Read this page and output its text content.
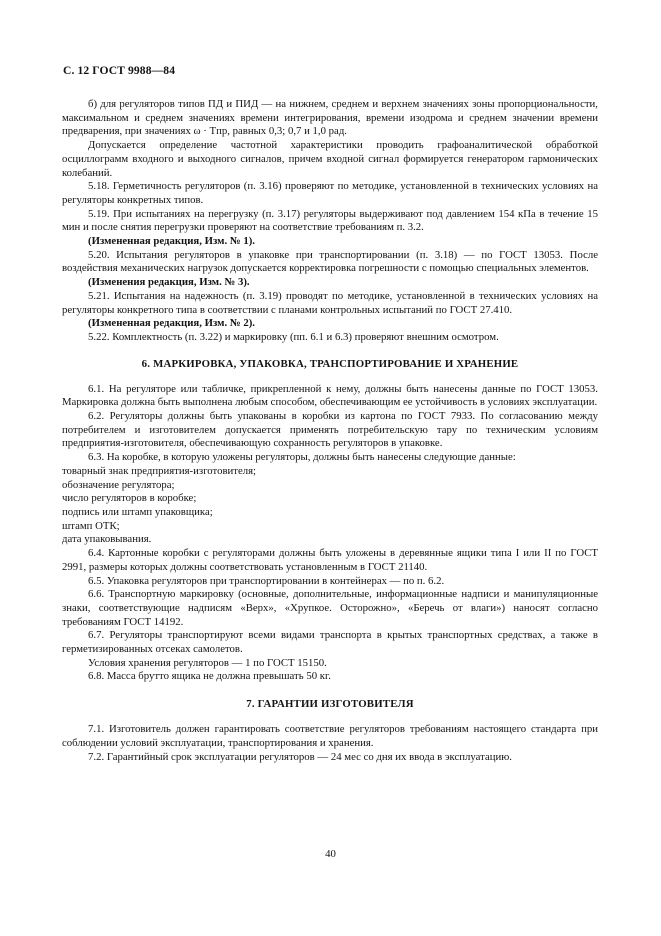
С. 12 ГОСТ 9988—84

б) для регуляторов типов ПД и ПИД — на нижнем, среднем и верхнем значениях зоны пропорциональности, максимальном и среднем значениях времени интегрирования, времени изодрома и среднем значении времени предварения, при значениях ω · Tпр, равных 0,3; 0,7 и 1,0 рад.

Допускается определение частотной характеристики проводить графоаналитической обработкой осциллограмм входного и выходного сигналов, причем входной сигнал формируется генератором гармонических колебаний.

5.18. Герметичность регуляторов (п. 3.16) проверяют по методике, установленной в технических условиях на регуляторы конкретных типов.

5.19. При испытаниях на перегрузку (п. 3.17) регуляторы выдерживают под давлением 154 кПа в течение 15 мин и после снятия перегрузки проверяют на соответствие требованиям п. 3.2.

(Измененная редакция, Изм. № 1).

5.20. Испытания регуляторов в упаковке при транспортировании (п. 3.18) — по ГОСТ 13053. После воздействия механических нагрузок допускается корректировка погрешности с помощью специальных элементов.

(Изменения редакция, Изм. № 3).

5.21. Испытания на надежность (п. 3.19) проводят по методике, установленной в технических условиях на регуляторы конкретного типа в соответствии с планами контрольных испытаний по ГОСТ 27.410.

(Измененная редакция, Изм. № 2).

5.22. Комплектность (п. 3.22) и маркировку (пп. 6.1 и 6.3) проверяют внешним осмотром.

6. МАРКИРОВКА, УПАКОВКА, ТРАНСПОРТИРОВАНИЕ И ХРАНЕНИЕ

6.1. На регуляторе или табличке, прикрепленной к нему, должны быть нанесены данные по ГОСТ 13053. Маркировка должна быть выполнена любым способом, обеспечивающим ее устойчивость в условиях эксплуатации.

6.2. Регуляторы должны быть упакованы в коробки из картона по ГОСТ 7933. По согласованию между потребителем и изготовителем допускается применять потребительскую тару по техническим условиям предприятия-изготовителя, обеспечивающую сохранность регуляторов в упаковке.

6.3. На коробке, в которую уложены регуляторы, должны быть нанесены следующие данные:

товарный знак предприятия-изготовителя;

обозначение регулятора;

число регуляторов в коробке;

подпись или штамп упаковщика;

штамп ОТК;

дата упаковывания.

6.4. Картонные коробки с регуляторами должны быть уложены в деревянные ящики типа I или II по ГОСТ 2991, размеры которых должны соответствовать установленным в ГОСТ 21140.

6.5. Упаковка регуляторов при транспортировании в контейнерах — по п. 6.2.

6.6. Транспортную маркировку (основные, дополнительные, информационные надписи и манипуляционные знаки, соответствующие надписям «Верх», «Хрупкое. Осторожно», «Беречь от влаги») наносят согласно требованиям ГОСТ 14192.

6.7. Регуляторы транспортируют всеми видами транспорта в крытых транспортных средствах, а также в герметизированных отсеках самолетов.

Условия хранения регуляторов — 1 по ГОСТ 15150.

6.8. Масса брутто ящика не должна превышать 50 кг.

7. ГАРАНТИИ ИЗГОТОВИТЕЛЯ

7.1. Изготовитель должен гарантировать соответствие регуляторов требованиям настоящего стандарта при соблюдении условий эксплуатации, транспортирования и хранения.

7.2. Гарантийный срок эксплуатации регуляторов — 24 мес со дня их ввода в эксплуатацию.

40
